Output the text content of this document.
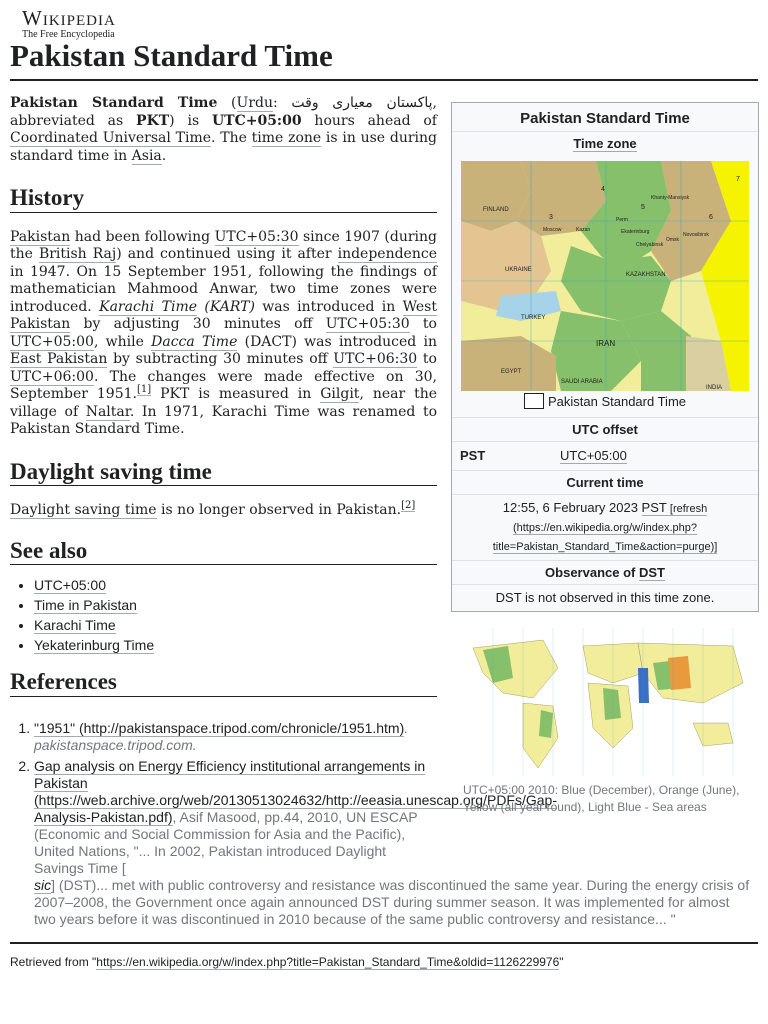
Wikipedia
The Free Encyclopedia
Pakistan Standard Time

Pakistan Standard Time (Urdu: پاکستان معیاری وقت, abbreviated as PKT) is UTC+05:00 hours ahead of Coordinated Universal Time. The time zone is in use during standard time in Asia.

History

Pakistan had been following UTC+05:30 since 1907 (during the British Raj) and continued using it after independence in 1947. On 15 September 1951, following the findings of mathematician Mahmood Anwar, two time zones were introduced. Karachi Time (KART) was introduced in West Pakistan by adjusting 30 minutes off UTC+05:30 to UTC+05:00, while Dacca Time (DACT) was introduced in East Pakistan by subtracting 30 minutes off UTC+06:30 to UTC+06:00. The changes were made effective on 30, September 1951.[1] PKT is measured in Gilgit, near the village of Naltar. In 1971, Karachi Time was renamed to Pakistan Standard Time.

Daylight saving time

Daylight saving time is no longer observed in Pakistan.[2]

See also
• UTC+05:00
• Time in Pakistan
• Karachi Time
• Yekaterinburg Time
References
1. "1951" (http://pakistanspace.tripod.com/chronicle/1951.htm). pakistanspace.tripod.com.
2. Gap analysis on Energy Efficiency institutional arrangements in Pakistan (https://web.archive.org/web/20130513024632/http://eeasia.unescap.org/PDFs/Gap-Analysis-Pakistan.pdf), Asif Masood, pp.44, 2010, UN ESCAP (Economic and Social Commission for Asia and the Pacific), United Nations, "... In 2002, Pakistan introduced Daylight Savings Time [
sic] (DST)... met with public controversy and resistance was discontinued the same year. During the energy crisis of 2007–2008, the Government once again announced DST during summer season. It was implemented for almost two years before it was discontinued in 2010 because of the same public controversy and resistance... "
Retrieved from "https://en.wikipedia.org/w/index.php?title=Pakistan_Standard_Time&oldid=1126229976"
Pakistan Standard Time
Time zone
FINLAND
UKRAINE
TURKEY
EGYPT
IRAN
SAUDI ARABIA
KAZAKHSTAN
INDIA
Moscow	Kazan
Perm
Ekaterinburg
Khanty-Mansiysk
Chelyabinsk
Omsk
Novosibirsk
3
4
5
6
7
Pakistan Standard Time
UTC offset
PST	UTC+05:00
Current time
12:55, 6 February 2023 PST [refresh (https://en.wikipedia.org/w/index.php?title=Pakistan_Standard_Time&action=purge)]
Observance of DST
DST is not observed in this time zone.
UTC+05:00 2010: Blue (December), Orange (June), Yellow (all year round), Light Blue - Sea areas
